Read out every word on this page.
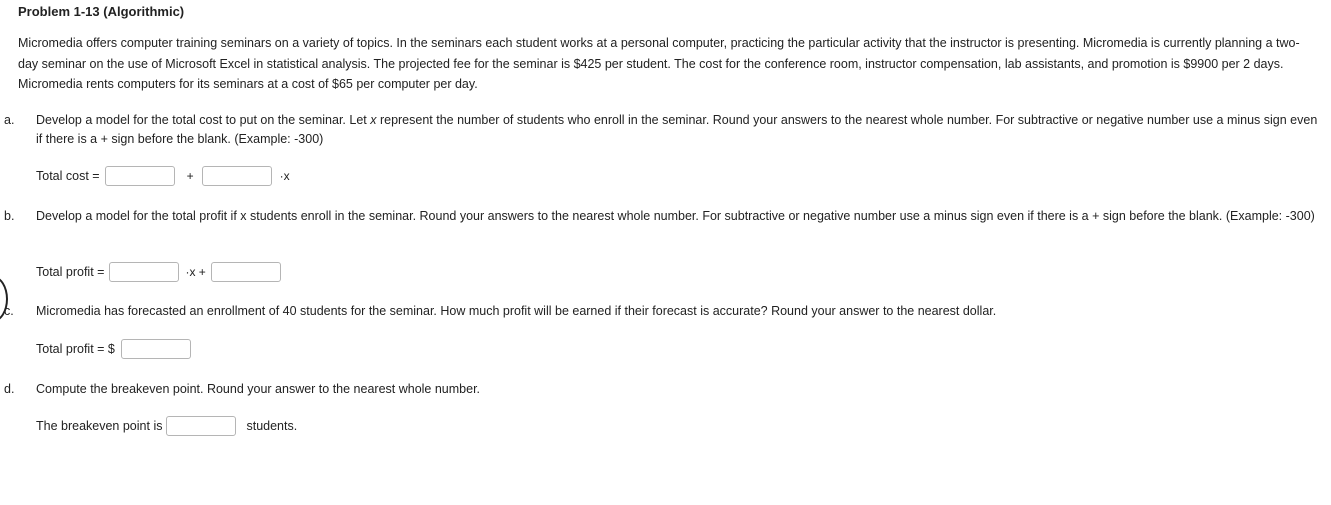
Problem 1-13 (Algorithmic)
Micromedia offers computer training seminars on a variety of topics. In the seminars each student works at a personal computer, practicing the particular activity that the instructor is presenting. Micromedia is currently planning a two-day seminar on the use of Microsoft Excel in statistical analysis. The projected fee for the seminar is $425 per student. The cost for the conference room, instructor compensation, lab assistants, and promotion is $9900 per 2 days. Micromedia rents computers for its seminars at a cost of $65 per computer per day.
a. Develop a model for the total cost to put on the seminar. Let x represent the number of students who enroll in the seminar. Round your answers to the nearest whole number. For subtractive or negative number use a minus sign even if there is a + sign before the blank. (Example: -300)
Total cost =	+	·x
b. Develop a model for the total profit if x students enroll in the seminar. Round your answers to the nearest whole number. For subtractive or negative number use a minus sign even if there is a + sign before the blank. (Example: -300)
Total profit =	·x +
c. Micromedia has forecasted an enrollment of 40 students for the seminar. How much profit will be earned if their forecast is accurate? Round your answer to the nearest dollar.
Total profit = $
d. Compute the breakeven point. Round your answer to the nearest whole number.
The breakeven point is	students.
